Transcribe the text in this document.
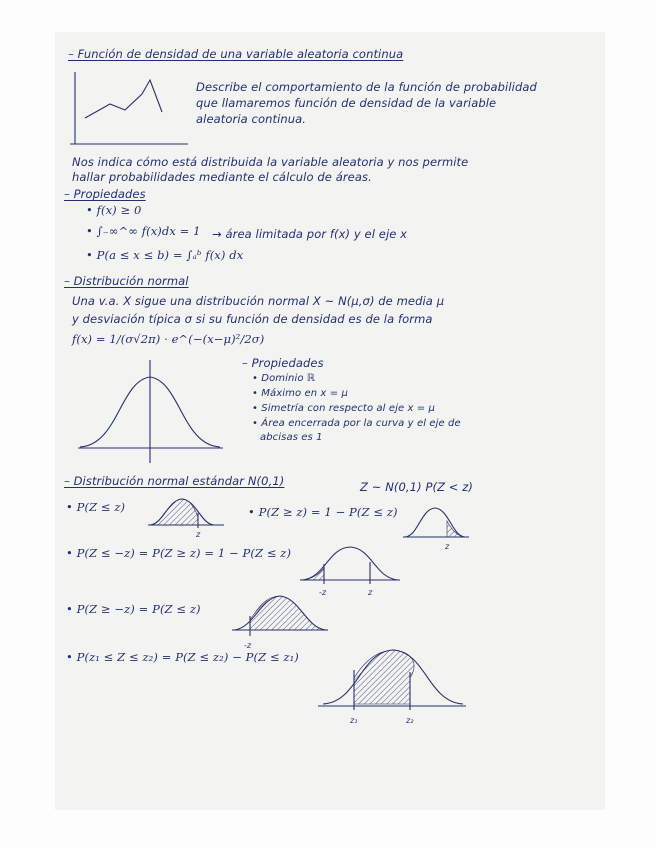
– Función de densidad de una variable aleatoria continua
Describe el comportamiento de la función de probabilidad
que llamaremos función de densidad de la variable
aleatoria continua.
Nos indica cómo está distribuida la variable aleatoria y nos permite
hallar probabilidades mediante el cálculo de áreas.
– Propiedades
• f(x) ≥ 0
• ∫₋∞^∞ f(x)dx = 1 → área limitada por f(x) y el eje x
• P(a ≤ x ≤ b) = ∫ₐᵇ f(x) dx
– Distribución normal
Una v.a. X sigue una distribución normal X ~ N(μ,σ) de media μ
y desviación típica σ si su función de densidad es de la forma
f(x) = 1/(σ√2π) · e^(−(x−μ)²/2σ)
– Propiedades
• Dominio ℝ
• Máximo en x = μ
• Simetría con respecto al eje x = μ
• Área encerrada por la curva y el eje de
abcisas es 1
– Distribución normal estándar N(0,1)	Z ~ N(0,1) P(Z < z)
• P(Z ≤ z)
z
• P(Z ≥ z) = 1 − P(Z ≤ z)
z
• P(Z ≤ −z) = P(Z ≥ z) = 1 − P(Z ≤ z)
-z	z
• P(Z ≥ −z) = P(Z ≤ z)
-z
• P(z₁ ≤ Z ≤ z₂) = P(Z ≤ z₂) − P(Z ≤ z₁)
z₁	z₂
